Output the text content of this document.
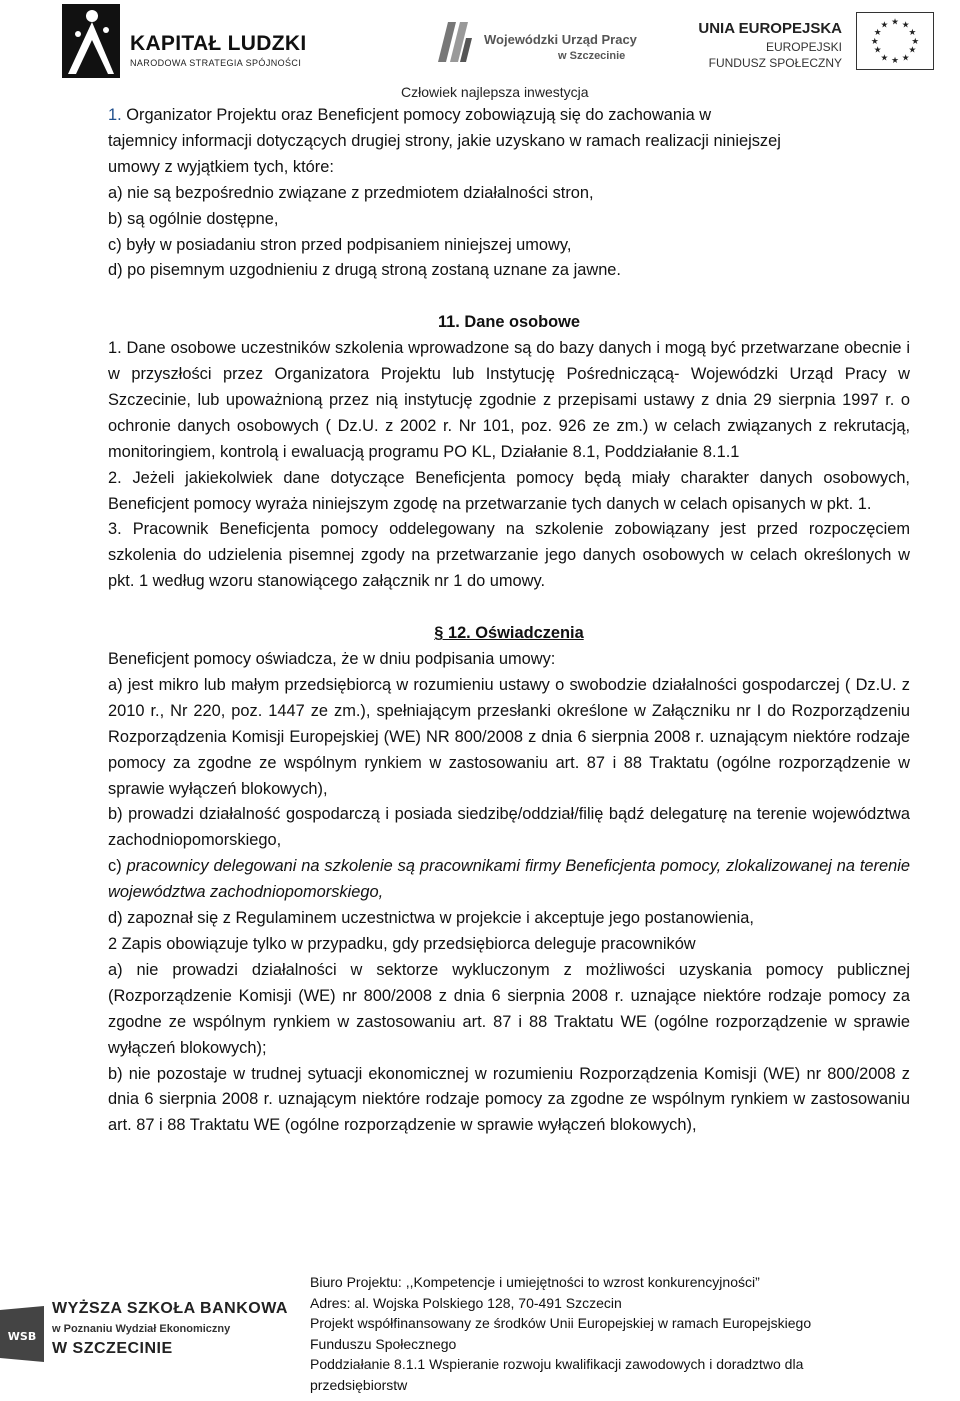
KAPITAŁ LUDZKI
NARODOWA STRATEGIA SPÓJNOŚCI
Wojewódzki Urząd Pracy
w Szczecinie
UNIA EUROPEJSKA
EUROPEJSKI
FUNDUSZ SPOŁECZNY
★ ★
★
★
★
★
★
★
★
★
★
★
Człowiek najlepsza inwestycja
1. Organizator Projektu oraz Beneficjent pomocy zobowiązują się do zachowania w
tajemnicy informacji dotyczących drugiej strony, jakie uzyskano w ramach realizacji niniejszej
umowy z wyjątkiem tych, które:
a) nie są bezpośrednio związane z przedmiotem działalności stron,
b) są ogólnie dostępne,
c) były w posiadaniu stron przed podpisaniem niniejszej umowy,
d) po pisemnym uzgodnieniu z drugą stroną zostaną uznane za jawne.
11. Dane osobowe
1. Dane osobowe uczestników szkolenia wprowadzone są do bazy danych i mogą być przetwarzane obecnie i w przyszłości przez Organizatora Projektu lub Instytucję Pośredniczącą- Wojewódzki Urząd Pracy w Szczecinie, lub upoważnioną przez nią instytucję zgodnie z przepisami ustawy z dnia 29 sierpnia 1997 r. o ochronie danych osobowych ( Dz.U. z 2002 r. Nr 101, poz. 926 ze zm.) w celach związanych z rekrutacją, monitoringiem, kontrolą i ewaluacją programu PO KL, Działanie 8.1, Poddziałanie 8.1.1
2. Jeżeli jakiekolwiek dane dotyczące Beneficjenta pomocy będą miały charakter danych osobowych, Beneficjent pomocy wyraża niniejszym zgodę na przetwarzanie tych danych w celach opisanych w pkt. 1.
3. Pracownik Beneficjenta pomocy oddelegowany na szkolenie zobowiązany jest przed rozpoczęciem szkolenia do udzielenia pisemnej zgody na przetwarzanie jego danych osobowych w celach określonych w pkt. 1 według wzoru stanowiącego załącznik nr 1 do umowy.
§ 12. Oświadczenia
Beneficjent pomocy oświadcza, że w dniu podpisania umowy:
a) jest mikro lub małym przedsiębiorcą w rozumieniu ustawy o swobodzie działalności gospodarczej ( Dz.U. z 2010 r., Nr 220, poz. 1447 ze zm.), spełniającym przesłanki określone w Załączniku nr I do Rozporządzeniu Rozporządzenia Komisji Europejskiej (WE) NR 800/2008 z dnia 6 sierpnia 2008 r. uznającym niektóre rodzaje pomocy za zgodne ze wspólnym rynkiem w zastosowaniu art. 87 i 88 Traktatu (ogólne rozporządzenie w sprawie wyłączeń blokowych),
b) prowadzi działalność gospodarczą i posiada siedzibę/oddział/filię bądź delegaturę na terenie województwa zachodniopomorskiego,
c) pracownicy delegowani na szkolenie są pracownikami firmy Beneficjenta pomocy, zlokalizowanej na terenie województwa zachodniopomorskiego,
d) zapoznał się z Regulaminem uczestnictwa w projekcie i akceptuje jego postanowienia,
2 Zapis obowiązuje tylko w przypadku, gdy przedsiębiorca deleguje pracowników
a) nie prowadzi działalności w sektorze wykluczonym z możliwości uzyskania pomocy publicznej (Rozporządzenie Komisji (WE) nr 800/2008 z dnia 6 sierpnia 2008 r. uznające niektóre rodzaje pomocy za zgodne ze wspólnym rynkiem w zastosowaniu art. 87 i 88 Traktatu WE (ogólne rozporządzenie w sprawie wyłączeń blokowych);
b) nie pozostaje w trudnej sytuacji ekonomicznej w rozumieniu Rozporządzenia Komisji (WE) nr 800/2008 z dnia 6 sierpnia 2008 r. uznającym niektóre rodzaje pomocy za zgodne ze wspólnym rynkiem w zastosowaniu art. 87 i 88 Traktatu WE (ogólne rozporządzenie w sprawie wyłączeń blokowych),
WSB
WYŻSZA SZKOŁA BANKOWA
w Poznaniu Wydział Ekonomiczny
W SZCZECINIE
Biuro Projektu: ,,Kompetencje i umiejętności to wzrost konkurencyjności”
Adres: al. Wojska Polskiego 128, 70-491 Szczecin
Projekt współfinansowany ze środków Unii Europejskiej w ramach Europejskiego
Funduszu Społecznego
Poddziałanie 8.1.1 Wspieranie rozwoju kwalifikacji zawodowych i doradztwo dla
przedsiębiorstw
